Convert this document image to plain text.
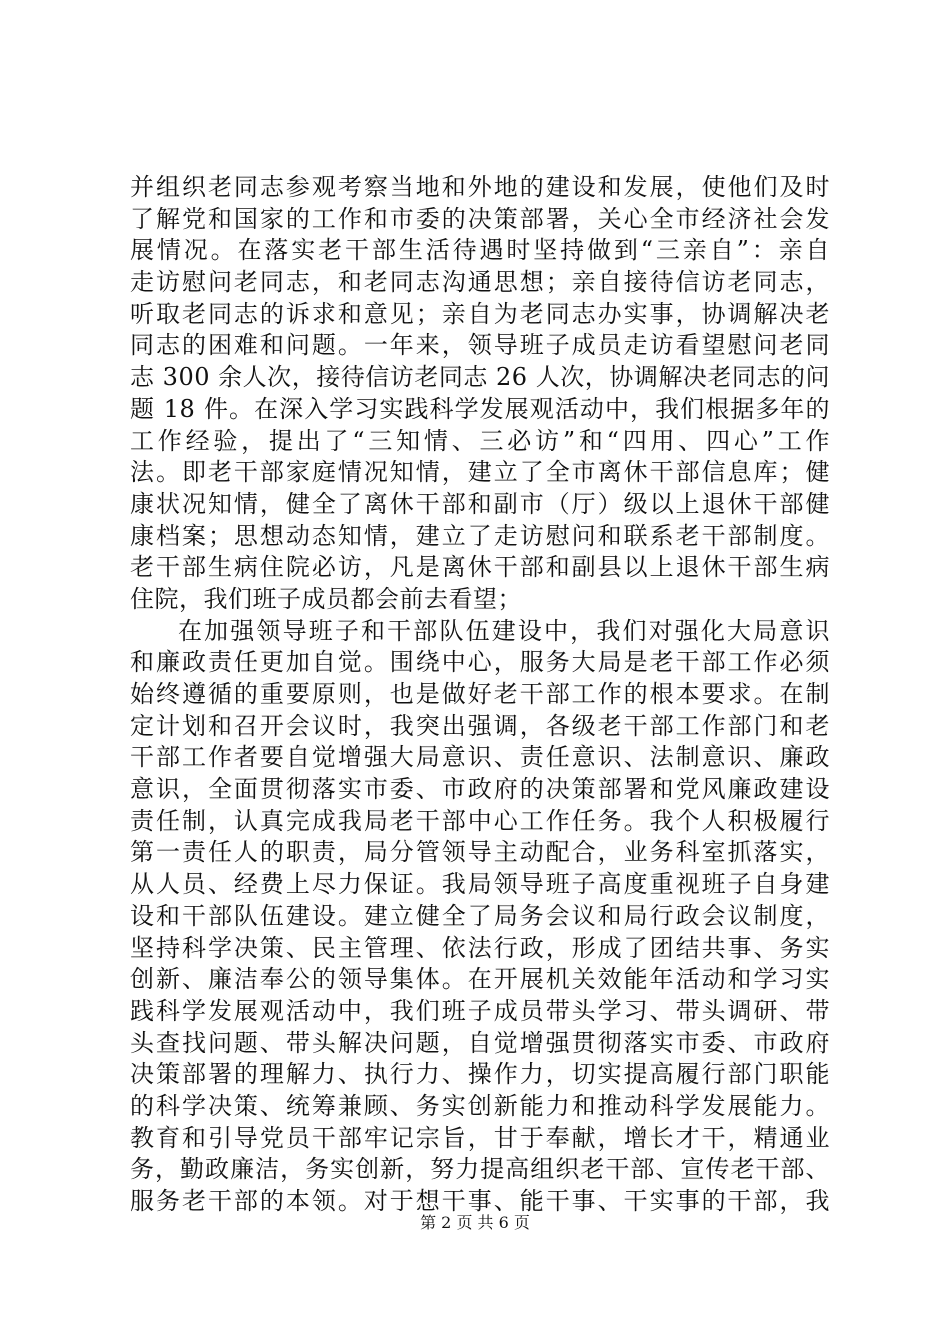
并组织老同志参观考察当地和外地的建设和发展，使他们及时
了解党和国家的工作和市委的决策部署，关心全市经济社会发
展情况。在落实老干部生活待遇时坚持做到“三亲自”：亲自
走访慰问老同志，和老同志沟通思想；亲自接待信访老同志，
听取老同志的诉求和意见；亲自为老同志办实事，协调解决老
同志的困难和问题。一年来，领导班子成员走访看望慰问老同
志 300 余人次，接待信访老同志 26 人次，协调解决老同志的问
题 18 件。在深入学习实践科学发展观活动中，我们根据多年的
工作经验，提出了“三知情、三必访”和“四用、四心”工作
法。即老干部家庭情况知情，建立了全市离休干部信息库；健
康状况知情，健全了离休干部和副市（厅）级以上退休干部健
康档案；思想动态知情，建立了走访慰问和联系老干部制度。
老干部生病住院必访，凡是离休干部和副县以上退休干部生病
住院，我们班子成员都会前去看望；
在加强领导班子和干部队伍建设中，我们对强化大局意识
和廉政责任更加自觉。围绕中心，服务大局是老干部工作必须
始终遵循的重要原则，也是做好老干部工作的根本要求。在制
定计划和召开会议时，我突出强调，各级老干部工作部门和老
干部工作者要自觉增强大局意识、责任意识、法制意识、廉政
意识，全面贯彻落实市委、市政府的决策部署和党风廉政建设
责任制，认真完成我局老干部中心工作任务。我个人积极履行
第一责任人的职责，局分管领导主动配合，业务科室抓落实，
从人员、经费上尽力保证。我局领导班子高度重视班子自身建
设和干部队伍建设。建立健全了局务会议和局行政会议制度，
坚持科学决策、民主管理、依法行政，形成了团结共事、务实
创新、廉洁奉公的领导集体。在开展机关效能年活动和学习实
践科学发展观活动中，我们班子成员带头学习、带头调研、带
头查找问题、带头解决问题，自觉增强贯彻落实市委、市政府
决策部署的理解力、执行力、操作力，切实提高履行部门职能
的科学决策、统筹兼顾、务实创新能力和推动科学发展能力。
教育和引导党员干部牢记宗旨，甘于奉献，增长才干，精通业
务，勤政廉洁，务实创新，努力提高组织老干部、宣传老干部、
服务老干部的本领。对于想干事、能干事、干实事的干部，我
第 2 页 共 6 页
